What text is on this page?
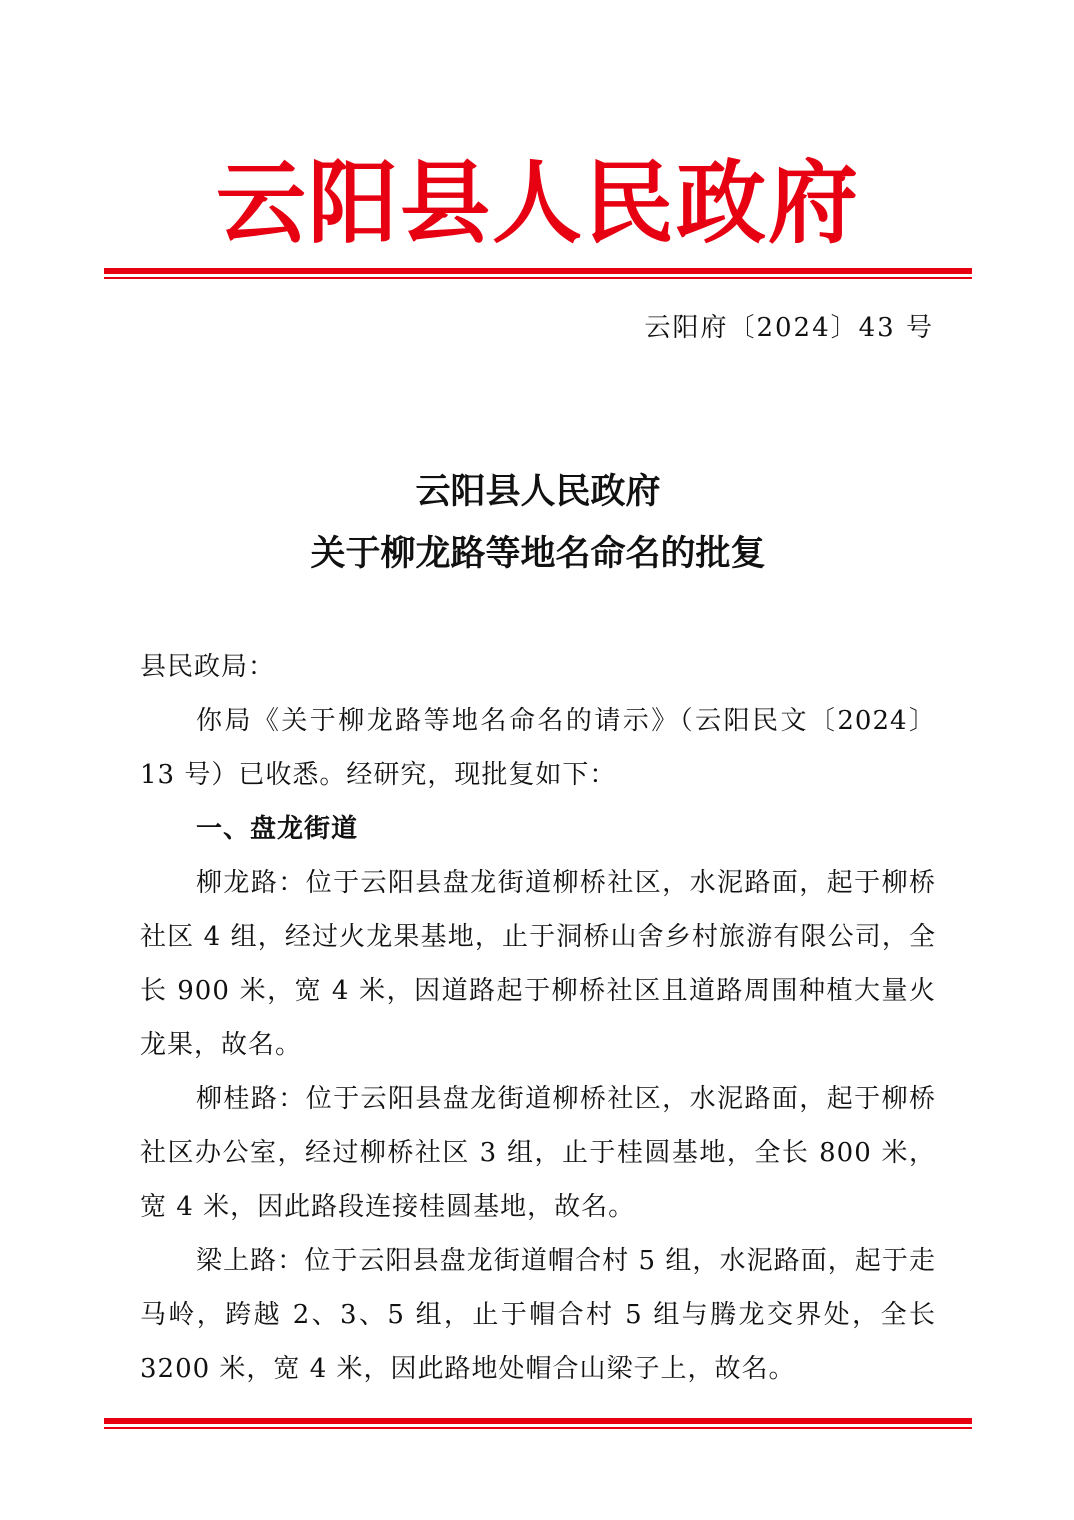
云阳县人民政府
云阳府〔2024〕43 号
云阳县人民政府
关于柳龙路等地名命名的批复

县民政局：

你局《关于柳龙路等地名命名的请示》（云阳民文〔2024〕13 号）已收悉。经研究，现批复如下：

一、盘龙街道

柳龙路：位于云阳县盘龙街道柳桥社区，水泥路面，起于柳桥社区 4 组，经过火龙果基地，止于洞桥山舍乡村旅游有限公司，全长 900 米，宽 4 米，因道路起于柳桥社区且道路周围种植大量火龙果，故名。

柳桂路：位于云阳县盘龙街道柳桥社区，水泥路面，起于柳桥社区办公室，经过柳桥社区 3 组，止于桂圆基地，全长 800 米，宽 4 米，因此路段连接桂圆基地，故名。

梁上路：位于云阳县盘龙街道帽合村 5 组，水泥路面，起于走马岭，跨越 2、3、5 组，止于帽合村 5 组与腾龙交界处，全长 3200 米，宽 4 米，因此路地处帽合山梁子上，故名。
